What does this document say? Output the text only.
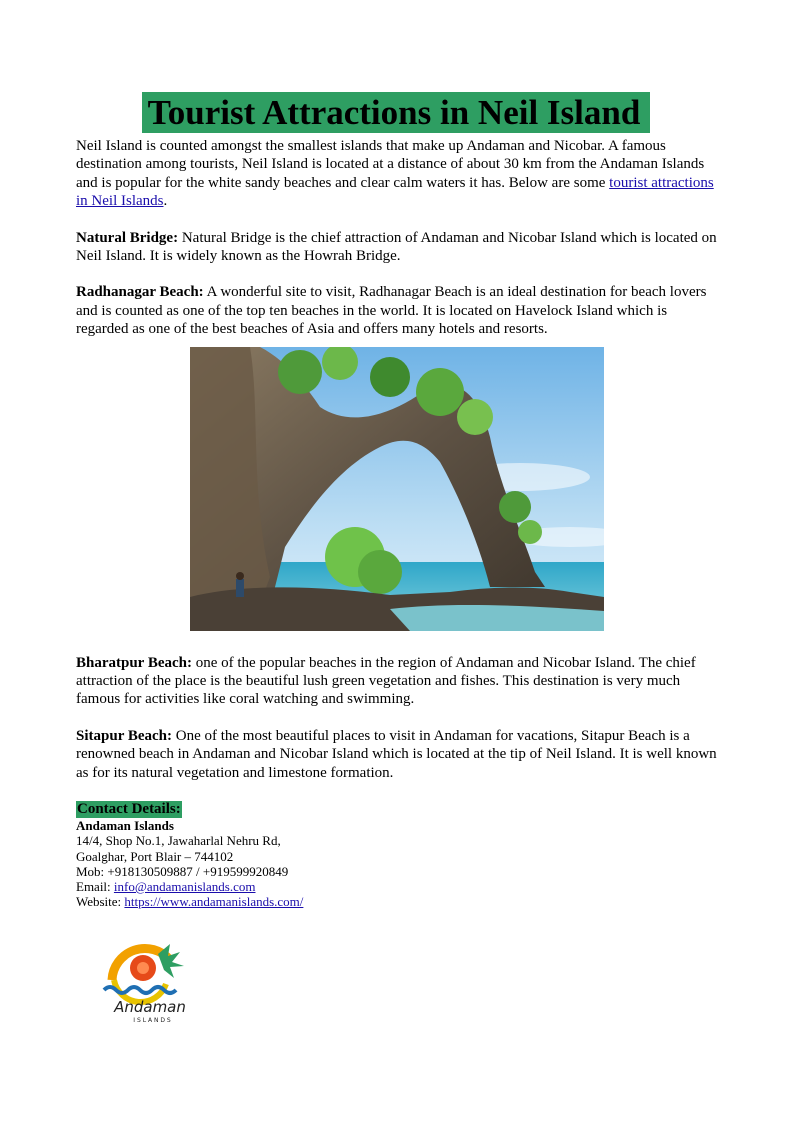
Tourist Attractions in Neil Island

Neil Island is counted amongst the smallest islands that make up Andaman and Nicobar. A famous destination among tourists, Neil Island is located at a distance of about 30 km from the Andaman Islands and is popular for the white sandy beaches and clear calm waters it has. Below are some tourist attractions in Neil Islands.

Natural Bridge: Natural Bridge is the chief attraction of Andaman and Nicobar Island which is located on Neil Island. It is widely known as the Howrah Bridge.

Radhanagar Beach: A wonderful site to visit, Radhanagar Beach is an ideal destination for beach lovers and is counted as one of the top ten beaches in the world. It is located on Havelock Island which is regarded as one of the best beaches of Asia and offers many hotels and resorts.

Bharatpur Beach: one of the popular beaches in the region of Andaman and Nicobar Island. The chief attraction of the place is the beautiful lush green vegetation and fishes. This destination is very much famous for activities like coral watching and swimming.

Sitapur Beach: One of the most beautiful places to visit in Andaman for vacations, Sitapur Beach is a renowned beach in Andaman and Nicobar Island which is located at the tip of Neil Island. It is well known as for its natural vegetation and limestone formation.

Contact Details:

Andaman Islands

14/4, Shop No.1, Jawaharlal Nehru Rd,

Goalghar, Port Blair – 744102

Mob: +918130509887 / +919599920849

Email: info@andamanislands.com

Website: https://www.andamanislands.com/

Andaman
I S L A N D S
